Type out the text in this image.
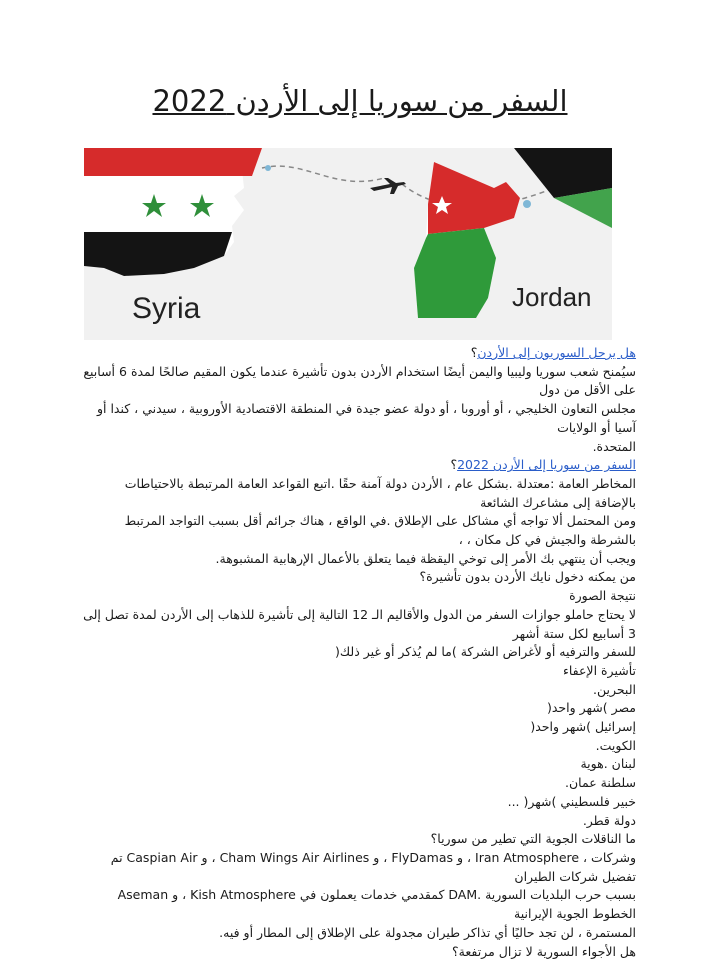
السفر من سوريا إلى الأردن 2022
Syria	Jordan

هل يرحل السوريون إلى الأردن؟

سيُمنح شعب سوريا وليبيا واليمن أيضًا استخدام الأردن بدون تأشيرة عندما يكون المقيم صالحًا لمدة 6 أسابيع على الأقل من دول

مجلس التعاون الخليجي ، أو أوروبا ، أو دولة عضو جيدة في المنطقة الاقتصادية الأوروبية ، سيدني ، كندا أو آسيا أو الولايات

المتحدة.

السفر من سوريا إلى الأردن 2022؟

المخاطر العامة :معتدلة .بشكل عام ، الأردن دولة آمنة حقًا .اتبع القواعد العامة المرتبطة بالاحتياطات بالإضافة إلى مشاعرك الشائعة

ومن المحتمل ألا تواجه أي مشاكل على الإطلاق .في الواقع ، هناك جرائم أقل بسبب التواجد المرتبط بالشرطة والجيش في كل مكان ، ،

ويجب أن ينتهي بك الأمر إلى توخي اليقظة فيما يتعلق بالأعمال الإرهابية المشبوهة.

من يمكنه دخول نايك الأردن بدون تأشيرة؟

نتيجة الصورة

لا يحتاج حاملو جوازات السفر من الدول والأقاليم الـ 12 التالية إلى تأشيرة للذهاب إلى الأردن لمدة تصل إلى 3 أسابيع لكل ستة أشهر

للسفر والترفيه أو لأغراض الشركة )ما لم يُذكر أو غير ذلك(

تأشيرة الإعفاء

البحرين.

مصر )شهر واحد(

إسرائيل )شهر واحد(

الكويت.

لبنان .هوية

سلطنة عمان.

خبير فلسطيني )شهر( ...

دولة قطر.

ما الناقلات الجوية التي تطير من سوريا؟

وشركات ، Iran Atmosphere ، و FlyDamas ، و Cham Wings Air Airlines ، و Caspian Air تم تفضيل شركات الطيران

بسبب حرب البلديات السورية .DAM كمقدمي خدمات يعملون في Kish Atmosphere ، و Aseman الخطوط الجوية الإيرانية

المستمرة ، لن تجد حاليًا أي تذاكر طيران مجدولة على الإطلاق إلى المطار أو فيه.

هل الأجواء السورية لا تزال مرتفعة؟
